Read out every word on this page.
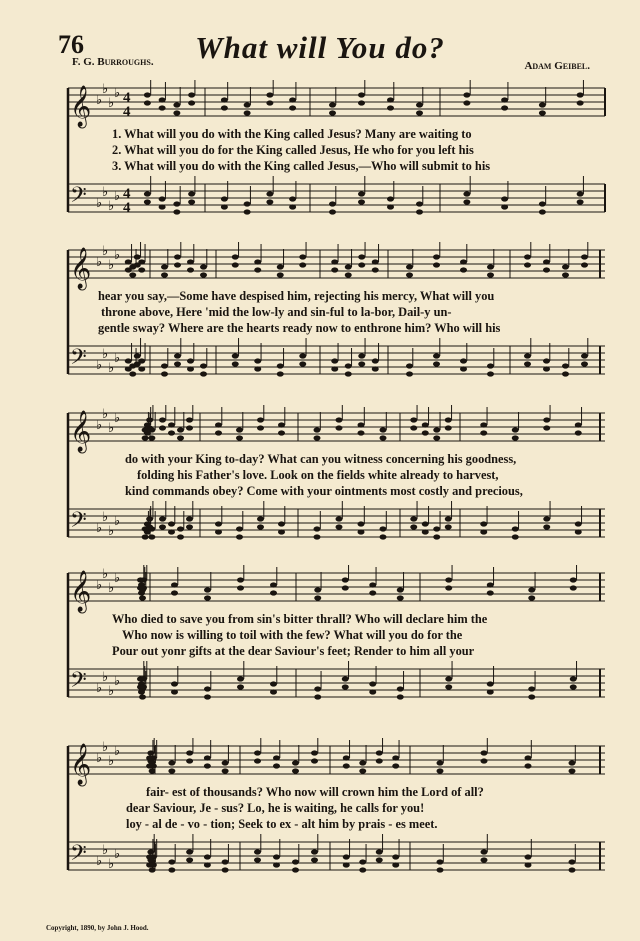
76	What will You do?
F. G. Burroughs.	Adam Geibel.
𝄞 ♭
♭
♭
♭ 4
4
𝄢 ♭
♭
♭
♭ 4
4
1. What will you do with the King called Jesus? Many are waiting to
2. What will you do for the King called Jesus, He who for you left his
3. What will you do with the King called Jesus,—Who will submit to his
𝄞 ♭
♭
♭
♭
𝄢 ♭
♭
♭
♭
hear you say,—Some have despised him, rejecting his mercy, What will you
throne above, Here 'mid the low-ly and sin-ful to la-bor, Dail-y un-
gentle sway? Where are the hearts ready now to enthrone him? Who will his
𝄞 ♭
♭
♭
♭
𝄢 ♭
♭
♭
♭
do with your King to-day? What can you witness concerning his goodness,
folding his Father's love. Look on the fields white already to harvest,
kind commands obey? Come with your ointments most costly and precious,
𝄞 ♭
♭
♭
♭
𝄢 ♭
♭
♭
♭
Who died to save you from sin's bitter thrall? Who will declare him the
Who now is willing to toil with the few? What will you do for the
Pour out yonr gifts at the dear Saviour's feet; Render to him all your
𝄞 ♭
♭
♭
♭
𝄢 ♭
♭
♭
♭
fair- est of thousands? Who now will crown him the Lord of all?
dear Saviour, Je - sus? Lo, he is waiting, he calls for you!
loy - al de - vo - tion; Seek to ex - alt him by prais - es meet.
Copyright, 1890, by John J. Hood.
